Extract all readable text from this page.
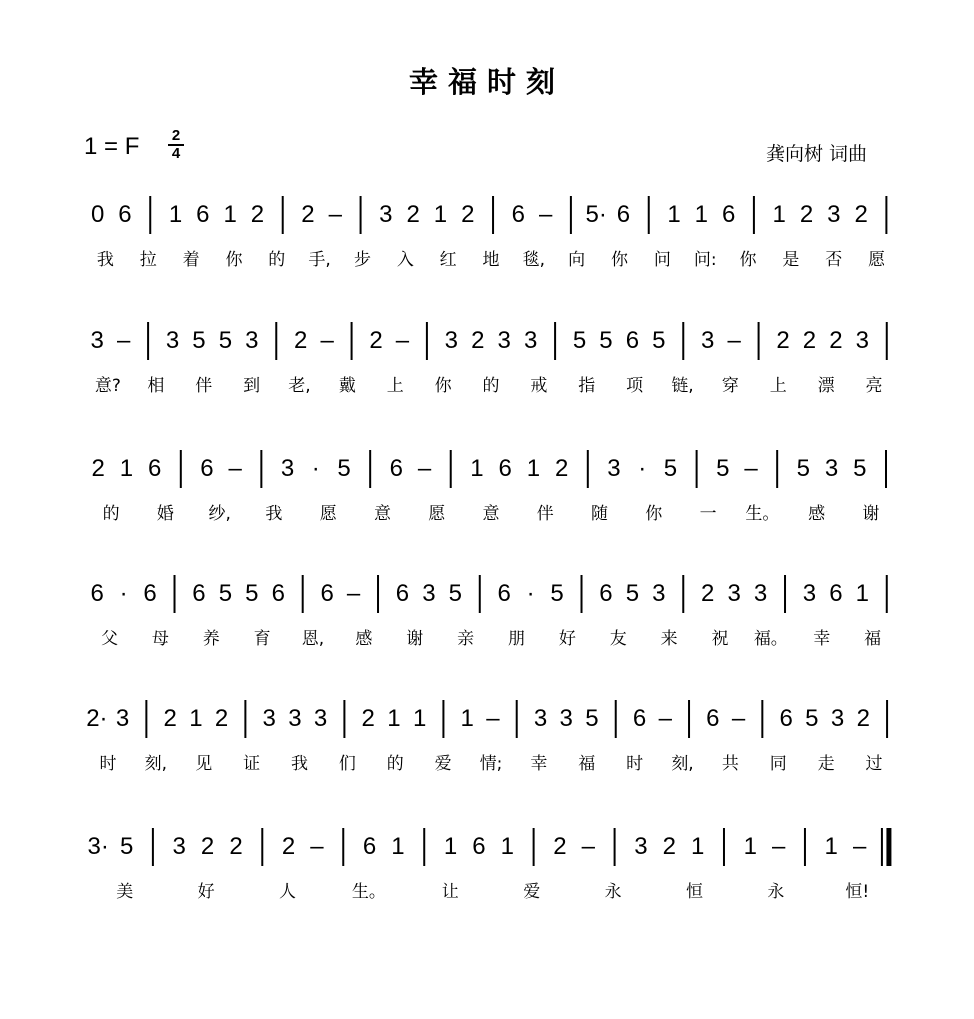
幸福时刻
1 = F 2
4	龚向树 词曲
0 6 1 6 1 2 2 – 3 2 1 2 6 – 5· 6 1 1 6 1 2 3 2
我 拉 着 你 的 手, 步 入 红 地 毯, 向 你 问 问: 你 是 否 愿
3 – 3 5 5 3 2 – 2 – 3 2 3 3 5 5 6 5 3 – 2 2 2 3
意? 相 伴 到 老, 戴 上 你 的 戒 指 项 链, 穿 上 漂 亮
2 1 6 6 – 3 · 5 6 – 1 6 1 2 3 · 5 5 – 5 3 5
的 婚 纱, 我 愿 意 愿 意 伴 随 你 一 生。 感 谢
6 · 6 6 5 5 6 6 – 6 3 5 6 · 5 6 5 3 2 3 3 3 6 1
父 母 养 育 恩, 感 谢 亲 朋 好 友 来 祝 福。 幸 福
2· 3 2 1 2 3 3 3 2 1 1 1 – 3 3 5 6 – 6 – 6 5 3 2
时 刻, 见 证 我 们 的 爱 情; 幸 福 时 刻, 共 同 走 过
3· 5 3 2 2 2 – 6 1 1 6 1 2 – 3 2 1 1 – 1 –
美	好	人	生。	让	爱	永	恒	永	恒!
